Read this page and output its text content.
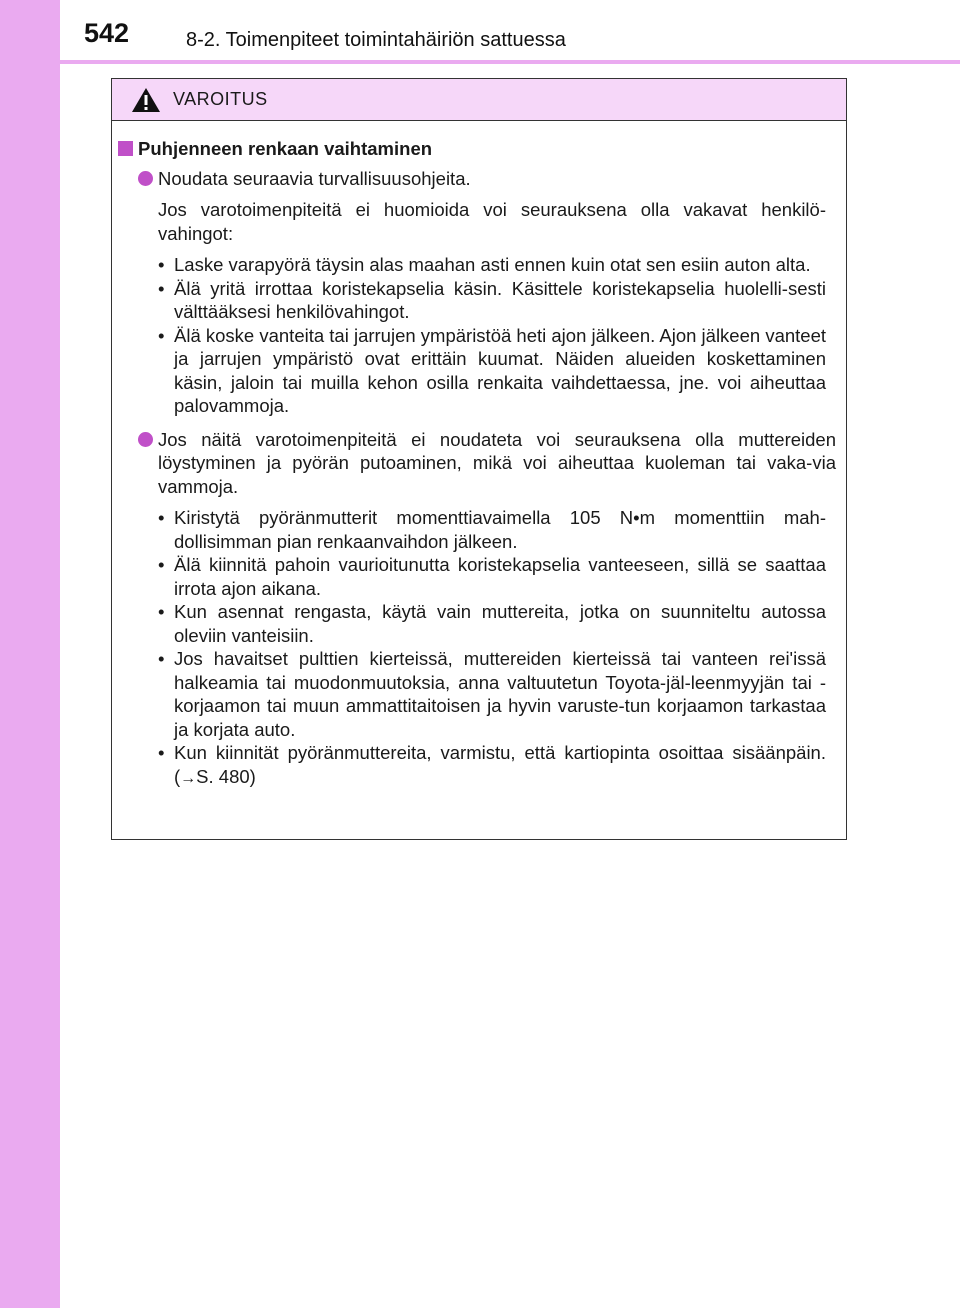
542	8-2. Toimenpiteet toimintahäiriön sattuessa
VAROITUS
Puhjenneen renkaan vaihtaminen
Noudata seuraavia turvallisuusohjeita.
Jos varotoimenpiteitä ei huomioida voi seurauksena olla vakavat henkilö-vahingot:
• Laske varapyörä täysin alas maahan asti ennen kuin otat sen esiin auton alta.
• Älä yritä irrottaa koristekapselia käsin. Käsittele koristekapselia huolelli-sesti välttääksesi henkilövahingot.
• Älä koske vanteita tai jarrujen ympäristöä heti ajon jälkeen. Ajon jälkeen vanteet ja jarrujen ympäristö ovat erittäin kuumat. Näiden alueiden koskettaminen käsin, jaloin tai muilla kehon osilla renkaita vaihdettaessa, jne. voi aiheuttaa palovammoja.
Jos näitä varotoimenpiteitä ei noudateta voi seurauksena olla muttereiden löystyminen ja pyörän putoaminen, mikä voi aiheuttaa kuoleman tai vaka-via vammoja.
• Kiristytä pyöränmutterit momenttiavaimella 105 N•m momenttiin mah-dollisimman pian renkaanvaihdon jälkeen.
• Älä kiinnitä pahoin vaurioitunutta koristekapselia vanteeseen, sillä se saattaa irrota ajon aikana.
• Kun asennat rengasta, käytä vain muttereita, jotka on suunniteltu autossa oleviin vanteisiin.
• Jos havaitset pulttien kierteissä, muttereiden kierteissä tai vanteen rei'issä halkeamia tai muodonmuutoksia, anna valtuutetun Toyota-jäl-leenmyyjän tai -korjaamon tai muun ammattitaitoisen ja hyvin varuste-tun korjaamon tarkastaa ja korjata auto.
• Kun kiinnität pyöränmuttereita, varmistu, että kartiopinta osoittaa sisäänpäin. (→S. 480)
